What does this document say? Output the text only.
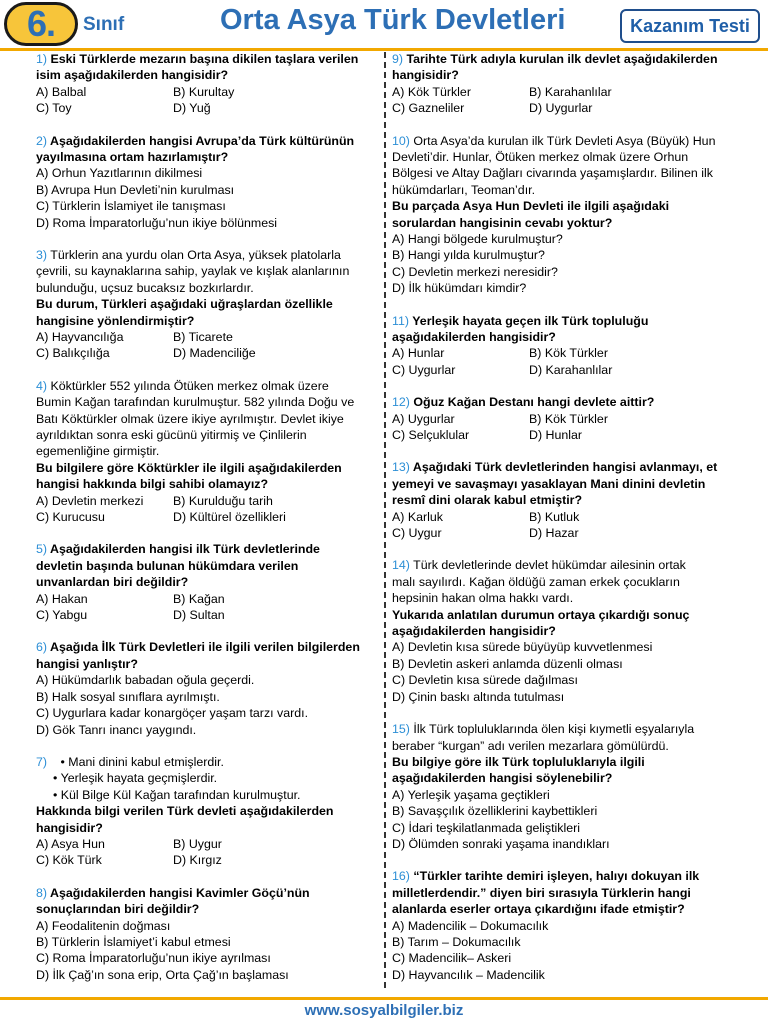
6. Sınıf	Orta Asya Türk Devletleri	Kazanım Testi
1) Eski Türklerde mezarın başına dikilen taşlara verilen
isim aşağıdakilerden hangisidir?
A) Balbal	B) Kurultay
C) Toy	D) Yuğ
2) Aşağıdakilerden hangisi Avrupa’da Türk kültürünün
yayılmasına ortam hazırlamıştır?
A) Orhun Yazıtlarının dikilmesi
B) Avrupa Hun Devleti’nin kurulması
C) Türklerin İslamiyet ile tanışması
D) Roma İmparatorluğu’nun ikiye bölünmesi
3) Türklerin ana yurdu olan Orta Asya, yüksek platolarla
çevrili, su kaynaklarına sahip, yaylak ve kışlak alanlarının
bulunduğu, uçsuz bucaksız bozkırlardır.
Bu durum, Türkleri aşağıdaki uğraşlardan özellikle
hangisine yönlendirmiştir?
A) Hayvancılığa	B) Ticarete
C) Balıkçılığa	D) Madenciliğe
4) Köktürkler 552 yılında Ötüken merkez olmak üzere
Bumin Kağan tarafından kurulmuştur. 582 yılında Doğu ve
Batı Köktürkler olmak üzere ikiye ayrılmıştır. Devlet ikiye
ayrıldıktan sonra eski gücünü yitirmiş ve Çinlilerin
egemenliğine girmiştir.
Bu bilgilere göre Köktürkler ile ilgili aşağıdakilerden
hangisi hakkında bilgi sahibi olamayız?
A) Devletin merkezi B) Kurulduğu tarih
C) Kurucusu	D) Kültürel özellikleri
5) Aşağıdakilerden hangisi ilk Türk devletlerinde
devletin başında bulunan hükümdara verilen
unvanlardan biri değildir?
A) Hakan	B) Kağan
C) Yabgu	D) Sultan
6) Aşağıda İlk Türk Devletleri ile ilgili verilen bilgilerden
hangisi yanlıştır?
A) Hükümdarlık babadan oğula geçerdi.
B) Halk sosyal sınıflara ayrılmıştı.
C) Uygurlara kadar konargöçer yaşam tarzı vardı.
D) Gök Tanrı inancı yaygındı.
7) • Mani dinini kabul etmişlerdir.
• Yerleşik hayata geçmişlerdir.
• Kül Bilge Kül Kağan tarafından kurulmuştur.
Hakkında bilgi verilen Türk devleti aşağıdakilerden
hangisidir?
A) Asya Hun	B) Uygur
C) Kök Türk	D) Kırgız
8) Aşağıdakilerden hangisi Kavimler Göçü’nün
sonuçlarından biri değildir?
A) Feodalitenin doğması
B) Türklerin İslamiyet’i kabul etmesi
C) Roma İmparatorluğu’nun ikiye ayrılması
D) İlk Çağ’ın sona erip, Orta Çağ’ın başlaması
9) Tarihte Türk adıyla kurulan ilk devlet aşağıdakilerden
hangisidir?
A) Kök Türkler	B) Karahanlılar
C) Gazneliler	D) Uygurlar
10) Orta Asya’da kurulan ilk Türk Devleti Asya (Büyük) Hun
Devleti’dir. Hunlar, Ötüken merkez olmak üzere Orhun
Bölgesi ve Altay Dağları civarında yaşamışlardır. Bilinen ilk
hükümdarları, Teoman’dır.
Bu parçada Asya Hun Devleti ile ilgili aşağıdaki
sorulardan hangisinin cevabı yoktur?
A) Hangi bölgede kurulmuştur?
B) Hangi yılda kurulmuştur?
C) Devletin merkezi neresidir?
D) İlk hükümdarı kimdir?
11) Yerleşik hayata geçen ilk Türk topluluğu
aşağıdakilerden hangisidir?
A) Hunlar	B) Kök Türkler
C) Uygurlar	D) Karahanlılar
12) Oğuz Kağan Destanı hangi devlete aittir?
A) Uygurlar	B) Kök Türkler
C) Selçuklular	D) Hunlar
13) Aşağıdaki Türk devletlerinden hangisi avlanmayı, et
yemeyi ve savaşmayı yasaklayan Mani dinini devletin
resmî dini olarak kabul etmiştir?
A) Karluk	B) Kutluk
C) Uygur	D) Hazar
14) Türk devletlerinde devlet hükümdar ailesinin ortak
malı sayılırdı. Kağan öldüğü zaman erkek çocukların
hepsinin hakan olma hakkı vardı.
Yukarıda anlatılan durumun ortaya çıkardığı sonuç
aşağıdakilerden hangisidir?
A) Devletin kısa sürede büyüyüp kuvvetlenmesi
B) Devletin askeri anlamda düzenli olması
C) Devletin kısa sürede dağılması
D) Çinin baskı altında tutulması
15) İlk Türk topluluklarında ölen kişi kıymetli eşyalarıyla
beraber “kurgan” adı verilen mezarlara gömülürdü.
Bu bilgiye göre ilk Türk topluluklarıyla ilgili
aşağıdakilerden hangisi söylenebilir?
A) Yerleşik yaşama geçtikleri
B) Savaşçılık özelliklerini kaybettikleri
C) İdari teşkilatlanmada geliştikleri
D) Ölümden sonraki yaşama inandıkları
16) “Türkler tarihte demiri işleyen, halıyı dokuyan ilk
milletlerdendir.” diyen biri sırasıyla Türklerin hangi
alanlarda eserler ortaya çıkardığını ifade etmiştir?
A) Madencilik – Dokumacılık
B) Tarım – Dokumacılık
C) Madencilik– Askeri
D) Hayvancılık – Madencilik
www.sosyalbilgiler.biz
